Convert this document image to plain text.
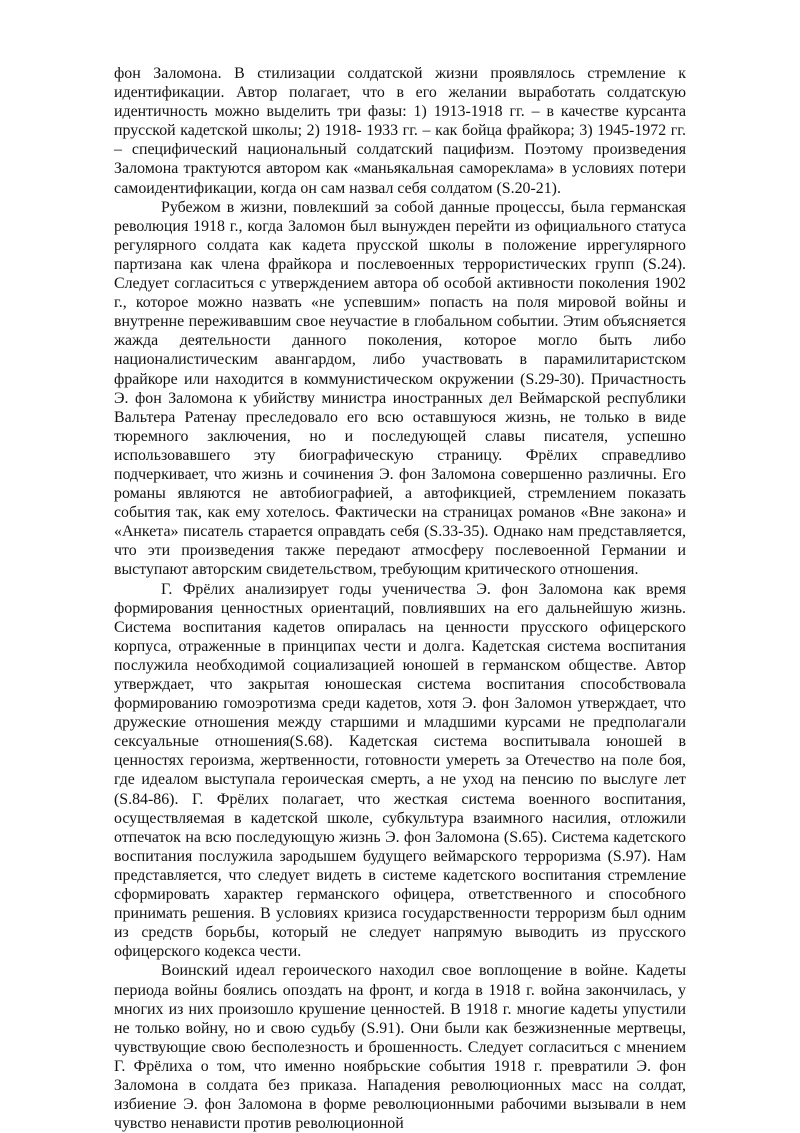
фон Заломона. В стилизации солдатской жизни проявлялось стремление к идентификации. Автор полагает, что в его желании выработать солдатскую идентичность можно выделить три фазы: 1) 1913-1918 гг. – в качестве курсанта прусской кадетской школы; 2) 1918- 1933 гг. – как бойца фрайкора; 3) 1945-1972 гг. – специфический национальный солдатский пацифизм. Поэтому произведения Заломона трактуются автором как «маньякальная саморекламa» в условиях потери самоидентификации, когда он сам назвал себя солдатом (S.20-21).

Рубежом в жизни, повлекший за собой данные процессы, была германская революция 1918 г., когда Заломон был вынужден перейти из официального статуса регулярного солдата как кадета прусской школы в положение иррегулярного партизана как члена фрайкора и послевоенных террористических групп (S.24). Следует согласиться с утверждением автора об особой активности поколения 1902 г., которое можно назвать «не успевшим» попасть на поля мировой войны и внутренне переживавшим свое неучастие в глобальном событии. Этим объясняется жажда деятельности данного поколения, которое могло быть либо националистическим авангардом, либо участвовать в парамилитаристском фрайкоре или находится в коммунистическом окружении (S.29-30). Причастность Э. фон Заломона к убийству министра иностранных дел Веймарской республики Вальтера Ратенау преследовало его всю оставшуюся жизнь, не только в виде тюремного заключения, но и последующей славы писателя, успешно использовавшего эту биографическую страницу. Фрёлих справедливо подчеркивает, что жизнь и сочинения Э. фон Заломона совершенно различны. Его романы являются не автобиографией, а автофикцией, стремлением показать события так, как ему хотелось. Фактически на страницах романов «Вне закона» и «Анкета» писатель старается оправдать себя (S.33-35). Однако нам представляется, что эти произведения также передают атмосферу послевоенной Германии и выступают авторским свидетельством, требующим критического отношения.

Г. Фрёлих анализирует годы ученичества Э. фон Заломона как время формирования ценностных ориентаций, повлиявших на его дальнейшую жизнь. Система воспитания кадетов опиралась на ценности прусского офицерского корпуса, отраженные в принципах чести и долга. Кадетская система воспитания послужила необходимой социализацией юношей в германском обществе. Автор утверждает, что закрытая юношеская система воспитания способствовала формированию гомоэротизма среди кадетов, хотя Э. фон Заломон утверждает, что дружеские отношения между старшими и младшими курсами не предполагали сексуальные отношения(S.68). Кадетская система воспитывала юношей в ценностях героизма, жертвенности, готовности умереть за Отечество на поле боя, где идеалом выступала героическая смерть, а не уход на пенсию по выслуге лет (S.84-86). Г. Фрёлих полагает, что жесткая система военного воспитания, осуществляемая в кадетской школе, субкультура взаимного насилия, отложили отпечаток на всю последующую жизнь Э. фон Заломона (S.65). Система кадетского воспитания послужила зародышем будущего веймарского терроризма (S.97). Нам представляется, что следует видеть в системе кадетского воспитания стремление сформировать характер германского офицера, ответственного и способного принимать решения. В условиях кризиса государственности терроризм был одним из средств борьбы, который не следует напрямую выводить из прусского офицерского кодекса чести.

Воинский идеал героического находил свое воплощение в войне. Кадеты периода войны боялись опоздать на фронт, и когда в 1918 г. война закончилась, у многих из них произошло крушение ценностей. В 1918 г. многие кадеты упустили не только войну, но и свою судьбу (S.91). Они были как безжизненные мертвецы, чувствующие свою бесполезность и брошенность. Следует согласиться с мнением Г. Фрёлиха о том, что именно ноябрьские события 1918 г. превратили Э. фон Заломона в солдата без приказа. Нападения революционных масс на солдат, избиение Э. фон Заломона в форме революционными рабочими вызывали в нем чувство ненависти против революционной
